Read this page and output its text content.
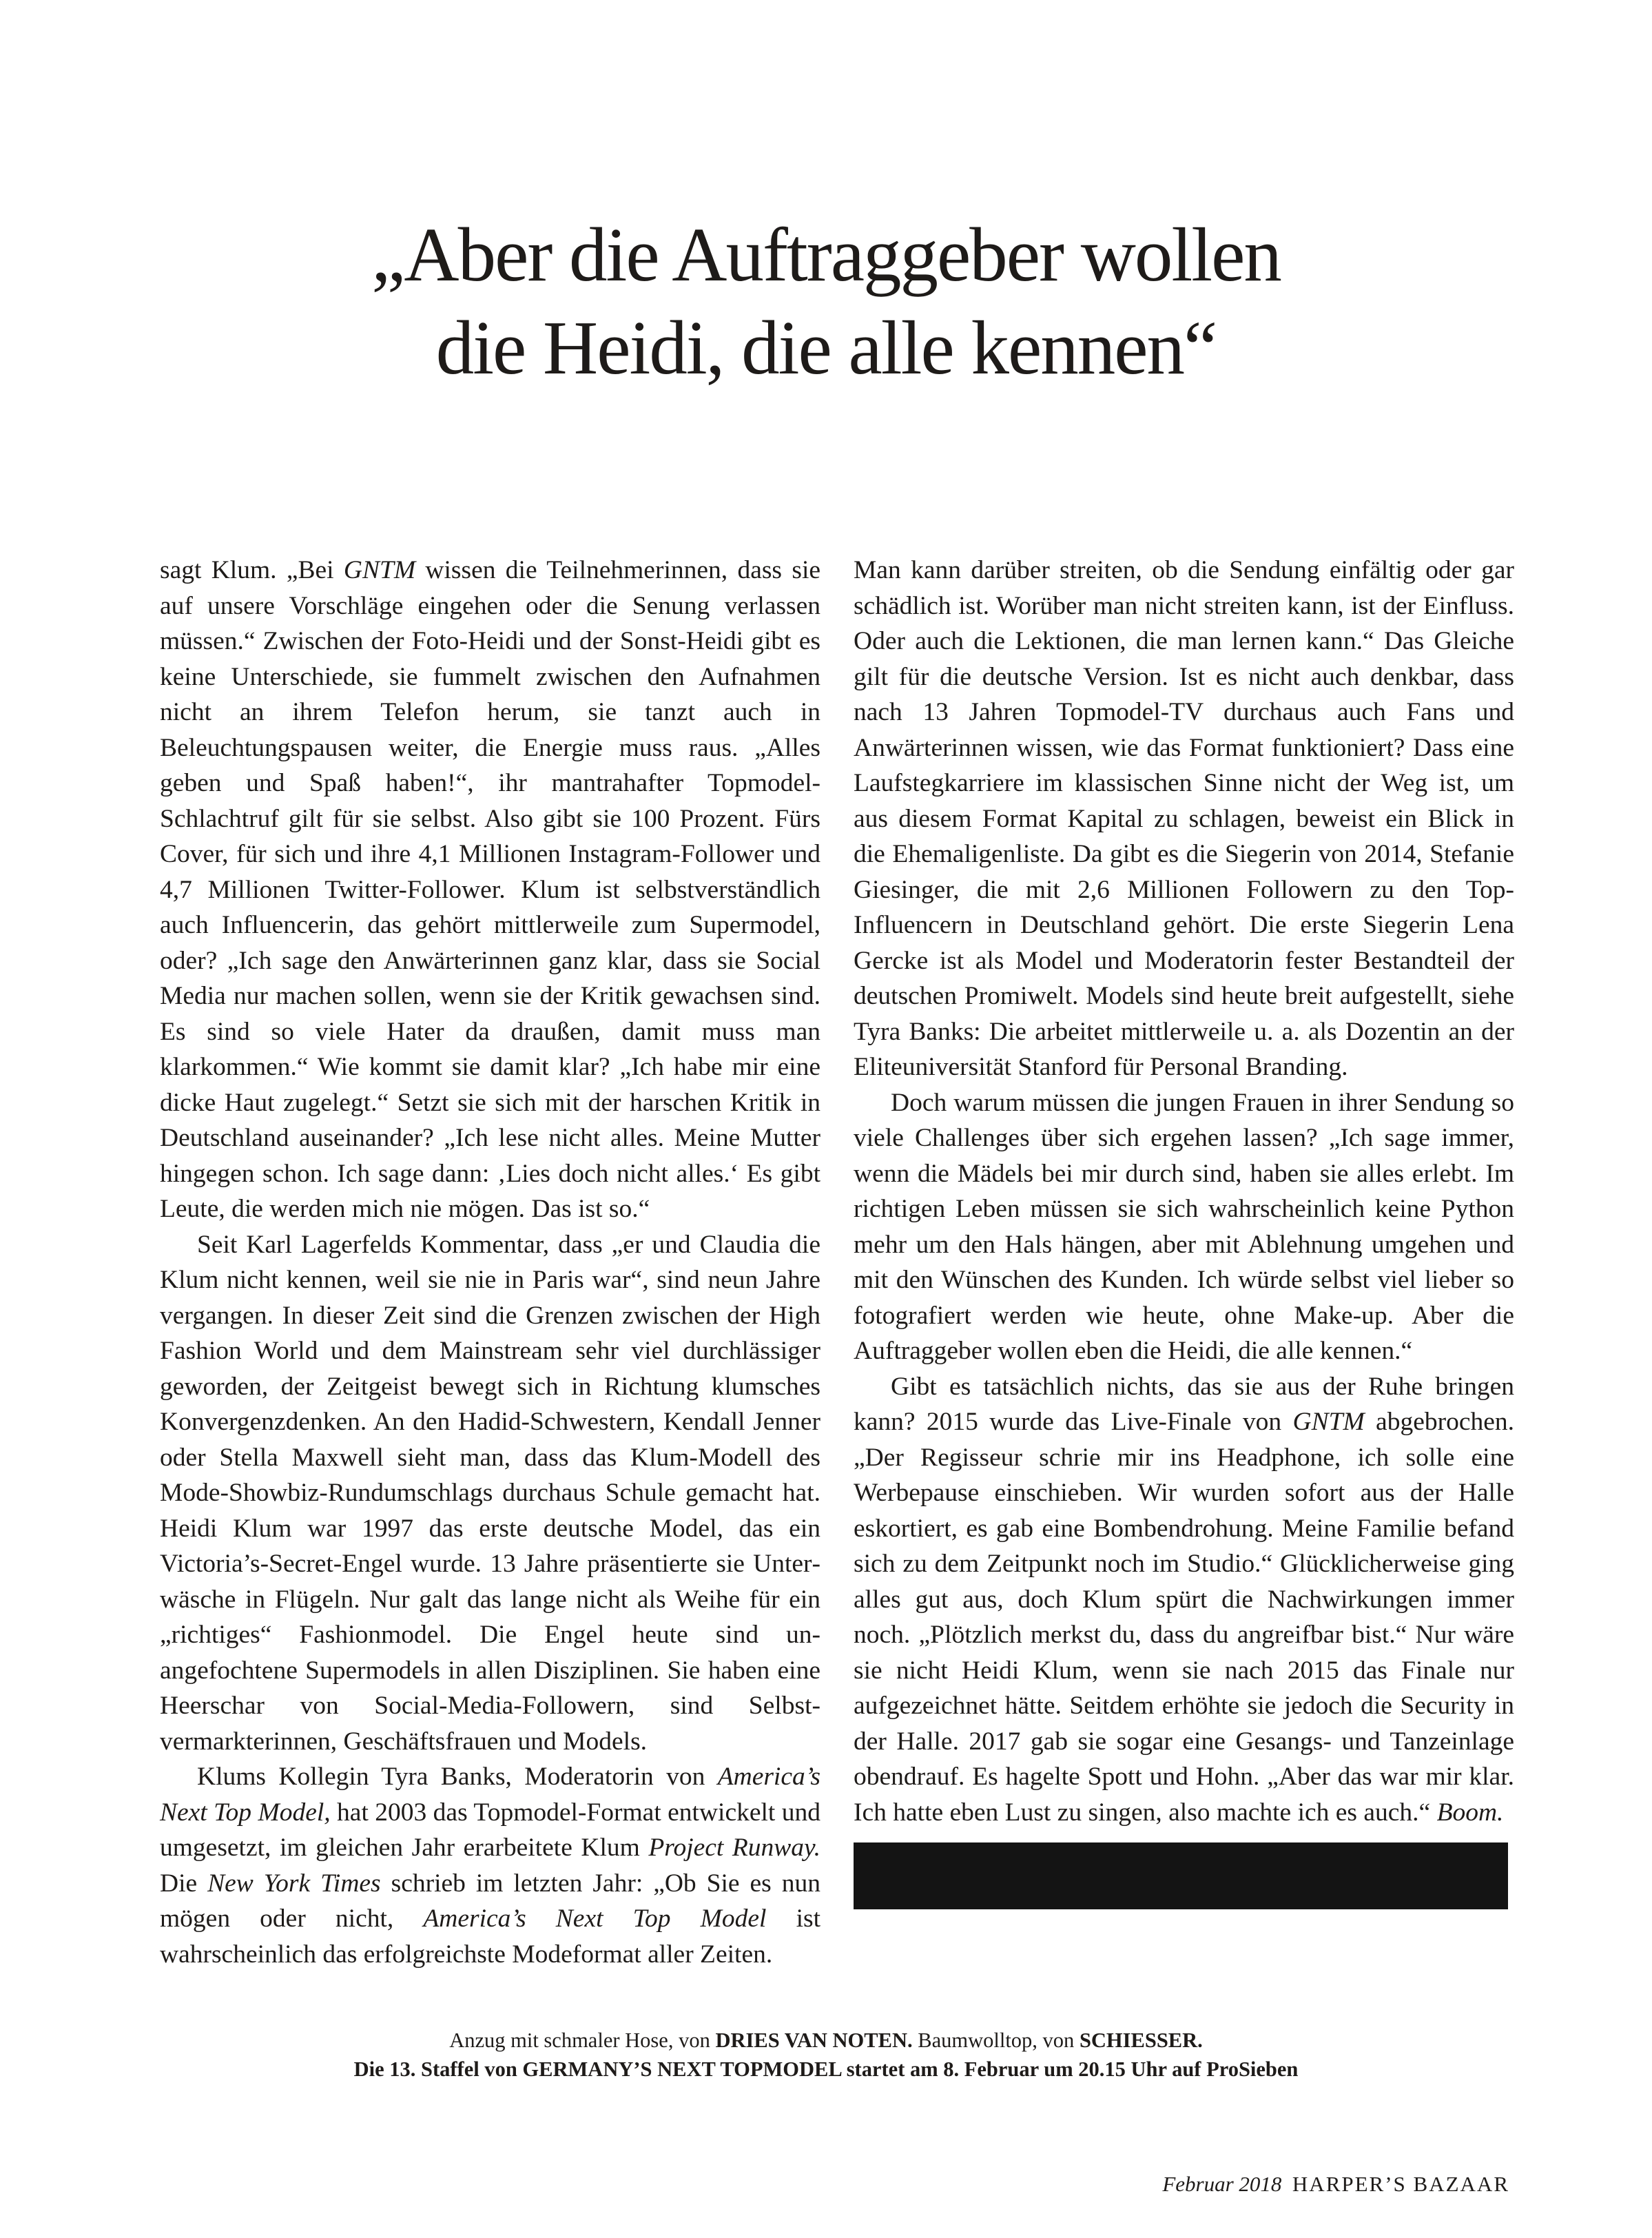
„Aber die Auftraggeber wollen
die Heidi, die alle kennen“

sagt Klum. „Bei GNTM wissen die Teilnehmerinnen, dass sie auf unsere Vorschläge eingehen oder die Senung verlassen müssen.“ Zwischen der Foto-Heidi und der Sonst-Heidi gibt es keine Unterschiede, sie fummelt zwischen den Aufnahmen nicht an ihrem Telefon herum, sie tanzt auch in Beleuchtungspausen weiter, die Energie muss raus. „Alles geben und Spaß haben!“, ihr mantrahafter Topmodel-Schlachtruf gilt für sie selbst. Also gibt sie 100 Prozent. Fürs Cover, für sich und ihre 4,1 Millionen Instagram-Follower und 4,7 Millionen Twitter-Follower. Klum ist selbstverständlich auch Influencerin, das gehört mittlerweile zum Supermodel, oder? „Ich sage den Anwärterinnen ganz klar, dass sie Social Media nur machen sollen, wenn sie der Kritik gewachsen sind. Es sind so viele Hater da draußen, damit muss man klarkommen.“ Wie kommt sie damit klar? „Ich habe mir eine dicke Haut zugelegt.“ Setzt sie sich mit der harschen Kritik in Deutschland auseinander? „Ich lese nicht alles. Meine Mutter hingegen schon. Ich sage dann: ‚Lies doch nicht alles.‘ Es gibt Leute, die werden mich nie mögen. Das ist so.“

Seit Karl Lagerfelds Kommentar, dass „er und Claudia die Klum nicht kennen, weil sie nie in Paris war“, sind neun Jahre vergangen. In dieser Zeit sind die Grenzen zwischen der High Fashion World und dem Mainstream sehr viel durchlässiger geworden, der Zeitgeist bewegt sich in Richtung klumsches Konvergenzdenken. An den Hadid-Schwestern, Kendall Jenner oder Stella Maxwell sieht man, dass das Klum-Modell des Mode-Showbiz-Rundumschlags durchaus Schule gemacht hat. Heidi Klum war 1997 das erste deutsche Model, das ein Victoria’s-Secret-Engel wurde. 13 Jahre präsentierte sie Unterwäsche in Flügeln. Nur galt das lange nicht als Weihe für ein „richtiges“ Fashionmodel. Die Engel heute sind unangefochtene Supermodels in allen Disziplinen. Sie haben eine Heerschar von Social-Media-Followern, sind Selbstvermarkterinnen, Geschäftsfrauen und Models.

Klums Kollegin Tyra Banks, Moderatorin von America’s Next Top Model, hat 2003 das Topmodel-Format entwickelt und umgesetzt, im gleichen Jahr erarbeitete Klum Project Runway. Die New York Times schrieb im letzten Jahr: „Ob Sie es nun mögen oder nicht, America’s Next Top Model ist wahrscheinlich das erfolgreichste Modeformat aller Zeiten.

Man kann darüber streiten, ob die Sendung einfältig oder gar schädlich ist. Worüber man nicht streiten kann, ist der Einfluss. Oder auch die Lektionen, die man lernen kann.“ Das Gleiche gilt für die deutsche Version. Ist es nicht auch denkbar, dass nach 13 Jahren Topmodel-TV durchaus auch Fans und Anwärterinnen wissen, wie das Format funktioniert? Dass eine Laufstegkarriere im klassischen Sinne nicht der Weg ist, um aus diesem Format Kapital zu schlagen, beweist ein Blick in die Ehemaligenliste. Da gibt es die Siegerin von 2014, Stefanie Giesinger, die mit 2,6 Millionen Followern zu den Top-Influencern in Deutschland gehört. Die erste Siegerin Lena Gercke ist als Model und Moderatorin fester Bestandteil der deutschen Promiwelt. Models sind heute breit aufgestellt, siehe Tyra Banks: Die arbeitet mittlerweile u. a. als Dozentin an der Eliteuniversität Stanford für Personal Branding.

Doch warum müssen die jungen Frauen in ihrer Sendung so viele Challenges über sich ergehen lassen? „Ich sage immer, wenn die Mädels bei mir durch sind, haben sie alles erlebt. Im richtigen Leben müssen sie sich wahrscheinlich keine Python mehr um den Hals hängen, aber mit Ablehnung umgehen und mit den Wünschen des Kunden. Ich würde selbst viel lieber so fotografiert werden wie heute, ohne Make-up. Aber die Auftraggeber wollen eben die Heidi, die alle kennen.“

Gibt es tatsächlich nichts, das sie aus der Ruhe bringen kann? 2015 wurde das Live-Finale von GNTM abgebrochen. „Der Regisseur schrie mir ins Headphone, ich solle eine Werbepause einschieben. Wir wurden sofort aus der Halle eskortiert, es gab eine Bombendrohung. Meine Familie befand sich zu dem Zeitpunkt noch im Studio.“ Glücklicherweise ging alles gut aus, doch Klum spürt die Nachwirkungen immer noch. „Plötzlich merkst du, dass du angreifbar bist.“ Nur wäre sie nicht Heidi Klum, wenn sie nach 2015 das Finale nur aufgezeichnet hätte. Seitdem erhöhte sie jedoch die Security in der Halle. 2017 gab sie sogar eine Gesangs- und Tanzeinlage obendrauf. Es hagelte Spott und Hohn. „Aber das war mir klar. Ich hatte eben Lust zu singen, also machte ich es auch.“ Boom.

Anzug mit schmaler Hose, von DRIES VAN NOTEN. Baumwolltop, von SCHIESSER.
Die 13. Staffel von GERMANY’S NEXT TOPMODEL startet am 8. Februar um 20.15 Uhr auf ProSieben
Februar 2018 HARPER’S BAZAAR
